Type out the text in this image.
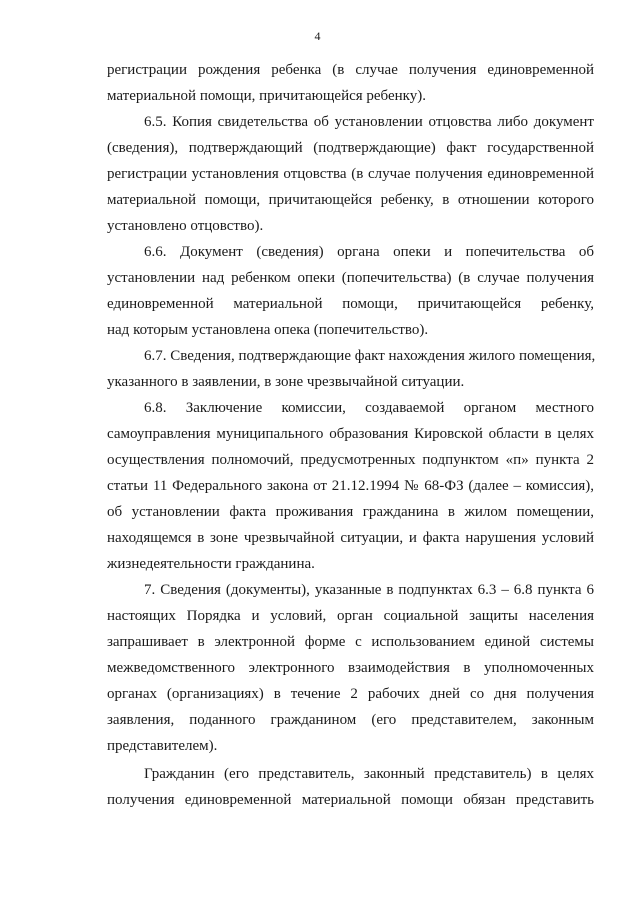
4
регистрации рождения ребенка (в случае получения единовременной
материальной помощи, причитающейся ребенку).
6.5. Копия свидетельства об установлении отцовства либо документ
(сведения), подтверждающий (подтверждающие) факт государственной
регистрации установления отцовства (в случае получения единовременной
материальной помощи, причитающейся ребенку, в отношении которого
установлено отцовство).
6.6. Документ (сведения) органа опеки и попечительства об
установлении над ребенком опеки (попечительства) (в случае получения
единовременной материальной помощи, причитающейся ребенку,
над которым установлена опека (попечительство).
6.7. Сведения, подтверждающие факт нахождения жилого помещения,
указанного в заявлении, в зоне чрезвычайной ситуации.
6.8. Заключение комиссии, создаваемой органом местного
самоуправления муниципального образования Кировской области в целях
осуществления полномочий, предусмотренных подпунктом «п» пункта 2
статьи 11 Федерального закона от 21.12.1994 № 68-ФЗ (далее – комиссия),
об установлении факта проживания гражданина в жилом помещении,
находящемся в зоне чрезвычайной ситуации, и факта нарушения условий
жизнедеятельности гражданина.
7. Сведения (документы), указанные в подпунктах 6.3 – 6.8 пункта 6
настоящих Порядка и условий, орган социальной защиты населения
запрашивает в электронной форме с использованием единой системы
межведомственного электронного взаимодействия в уполномоченных
органах (организациях) в течение 2 рабочих дней со дня получения
заявления, поданного гражданином (его представителем, законным
представителем).
Гражданин (его представитель, законный представитель) в целях
получения единовременной материальной помощи обязан представить
